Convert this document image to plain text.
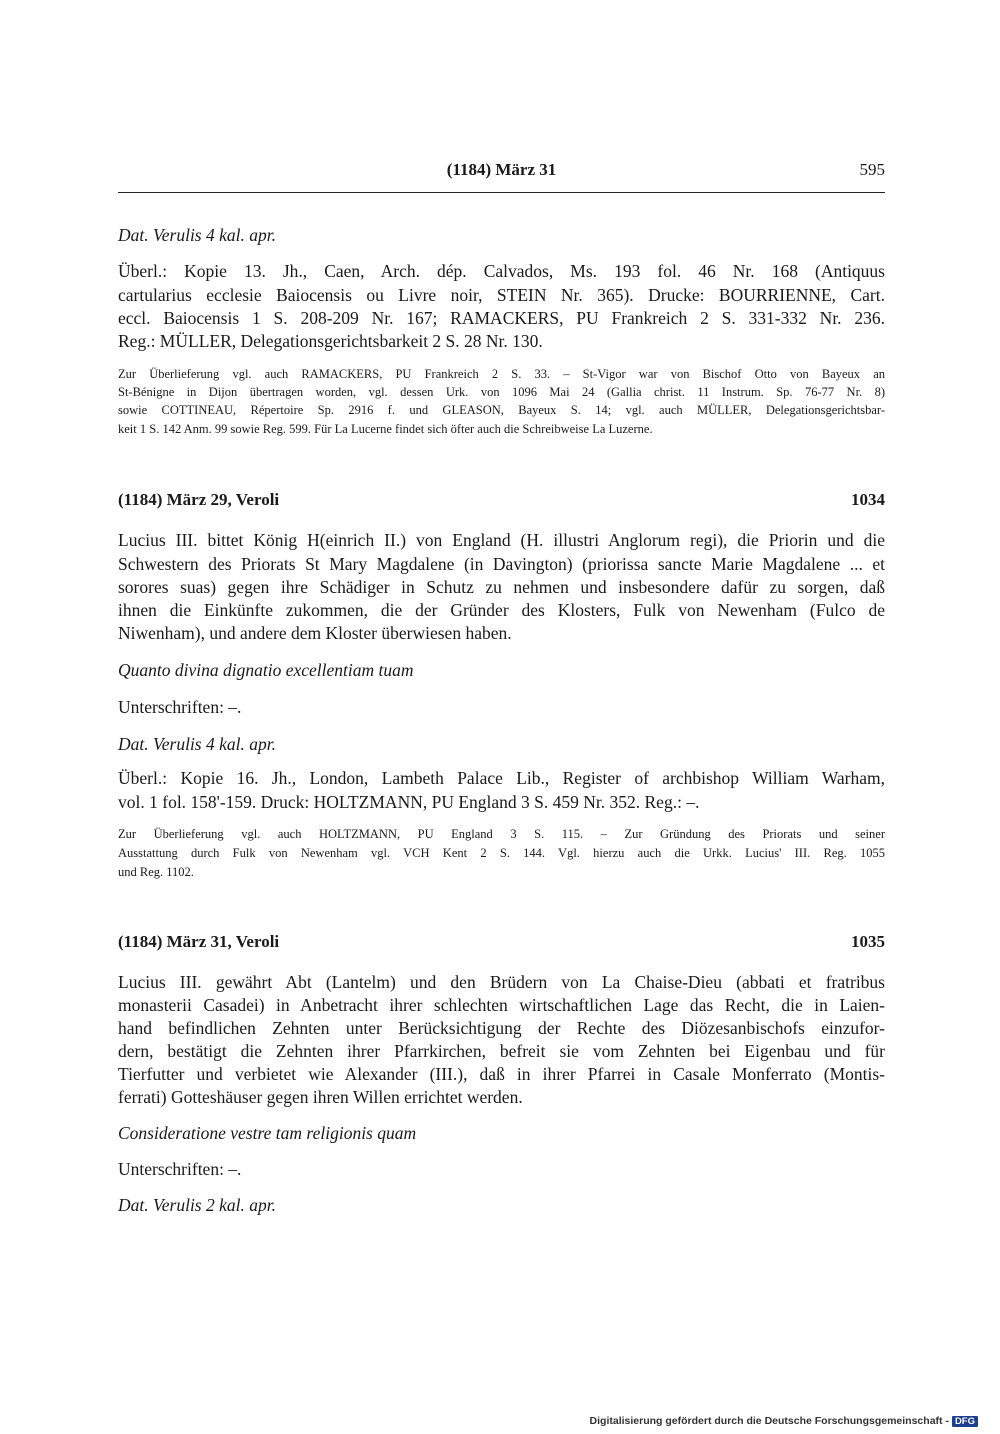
(1184) März 31	595
Dat. Verulis 4 kal. apr.
Überl.: Kopie 13. Jh., Caen, Arch. dép. Calvados, Ms. 193 fol. 46 Nr. 168 (Antiquus
cartularius ecclesie Baiocensis ou Livre noir, STEIN Nr. 365). Drucke: BOURRIENNE, Cart.
eccl. Baiocensis 1 S. 208-209 Nr. 167; RAMACKERS, PU Frankreich 2 S. 331-332 Nr. 236.
Reg.: MÜLLER, Delegationsgerichtsbarkeit 2 S. 28 Nr. 130.
Zur Überlieferung vgl. auch RAMACKERS, PU Frankreich 2 S. 33. – St-Vigor war von Bischof Otto von Bayeux an
St-Bénigne in Dijon übertragen worden, vgl. dessen Urk. von 1096 Mai 24 (Gallia christ. 11 Instrum. Sp. 76-77 Nr. 8)
sowie COTTINEAU, Répertoire Sp. 2916 f. und GLEASON, Bayeux S. 14; vgl. auch MÜLLER, Delegationsgerichtsbar-
keit 1 S. 142 Anm. 99 sowie Reg. 599. Für La Lucerne findet sich öfter auch die Schreibweise La Luzerne.
(1184) März 29, Veroli	1034
Lucius III. bittet König H(einrich II.) von England (H. illustri Anglorum regi), die Priorin und die
Schwestern des Priorats St Mary Magdalene (in Davington) (priorissa sancte Marie Magdalene ... et
sorores suas) gegen ihre Schädiger in Schutz zu nehmen und insbesondere dafür zu sorgen, daß
ihnen die Einkünfte zukommen, die der Gründer des Klosters, Fulk von Newenham (Fulco de
Niwenham), und andere dem Kloster überwiesen haben.
Quanto divina dignatio excellentiam tuam
Unterschriften: –.
Dat. Verulis 4 kal. apr.
Überl.: Kopie 16. Jh., London, Lambeth Palace Lib., Register of archbishop William Warham,
vol. 1 fol. 158'-159. Druck: HOLTZMANN, PU England 3 S. 459 Nr. 352. Reg.: –.
Zur Überlieferung vgl. auch HOLTZMANN, PU England 3 S. 115. – Zur Gründung des Priorats und seiner
Ausstattung durch Fulk von Newenham vgl. VCH Kent 2 S. 144. Vgl. hierzu auch die Urkk. Lucius' III. Reg. 1055
und Reg. 1102.
(1184) März 31, Veroli	1035
Lucius III. gewährt Abt (Lantelm) und den Brüdern von La Chaise-Dieu (abbati et fratribus
monasterii Casadei) in Anbetracht ihrer schlechten wirtschaftlichen Lage das Recht, die in Laien-
hand befindlichen Zehnten unter Berücksichtigung der Rechte des Diözesanbischofs einzufor-
dern, bestätigt die Zehnten ihrer Pfarrkirchen, befreit sie vom Zehnten bei Eigenbau und für
Tierfutter und verbietet wie Alexander (III.), daß in ihrer Pfarrei in Casale Monferrato (Montis-
ferrati) Gotteshäuser gegen ihren Willen errichtet werden.
Consideratione vestre tam religionis quam
Unterschriften: –.
Dat. Verulis 2 kal. apr.
Digitalisierung gefördert durch die Deutsche Forschungsgemeinschaft - DFG
